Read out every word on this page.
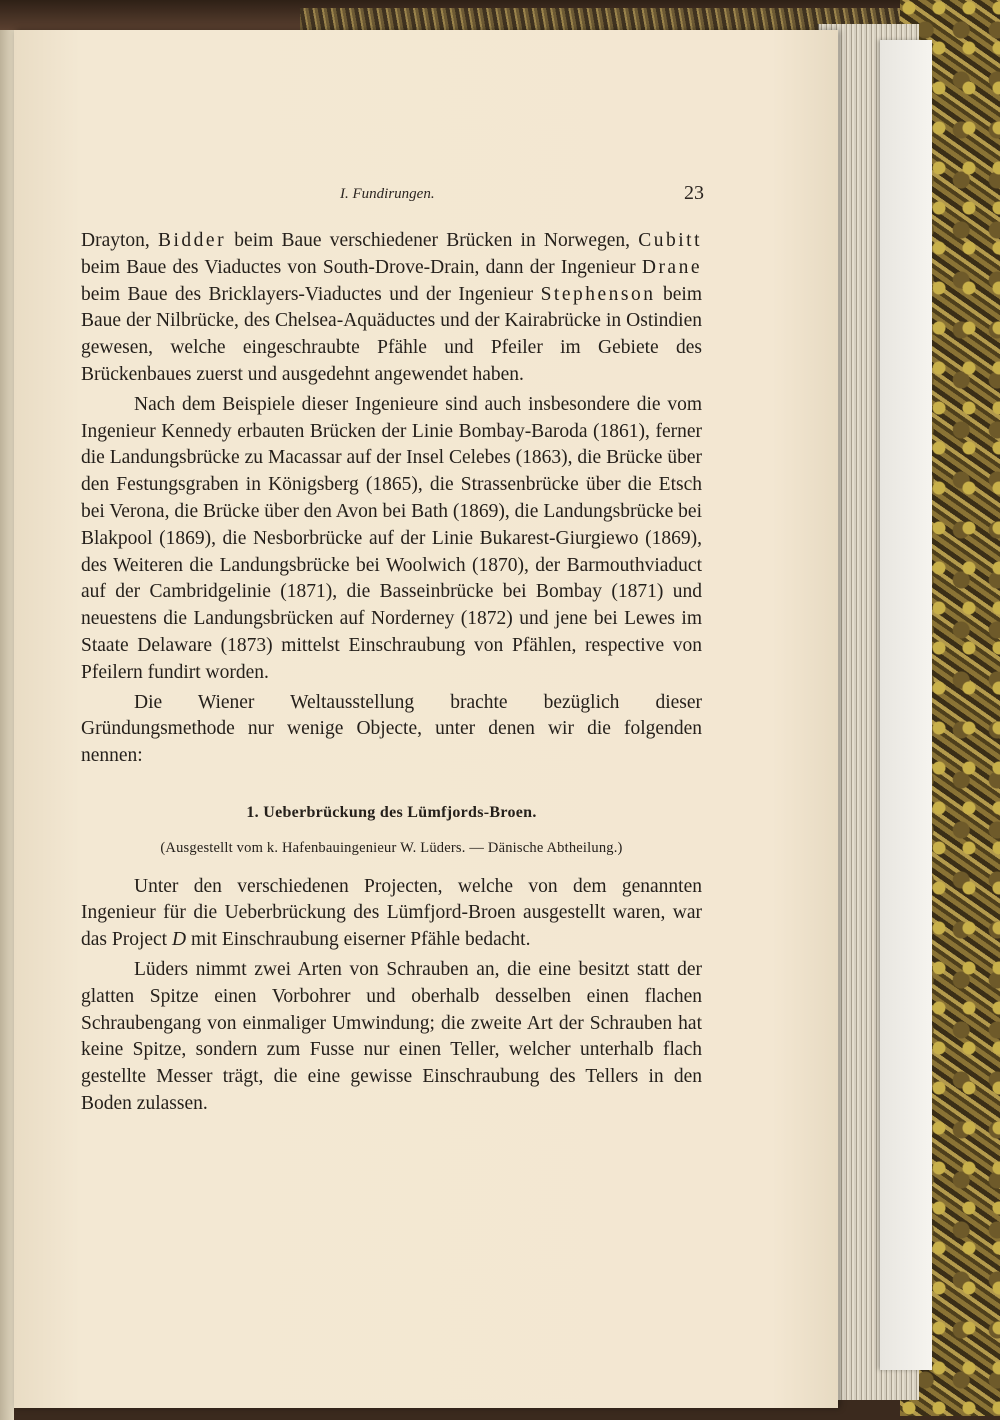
I. Fundirungen.	23

Drayton, Bidder beim Baue verschiedener Brücken in Norwegen, Cubitt beim Baue des Viaductes von South-Drove-Drain, dann der Ingenieur Drane beim Baue des Bricklayers-Viaductes und der Ingenieur Stephenson beim Baue der Nilbrücke, des Chelsea-Aquäductes und der Kairabrücke in Ostindien gewesen, welche eingeschraubte Pfähle und Pfeiler im Gebiete des Brückenbaues zuerst und ausgedehnt angewendet haben.

Nach dem Beispiele dieser Ingenieure sind auch insbesondere die vom Ingenieur Kennedy erbauten Brücken der Linie Bombay-Baroda (1861), ferner die Landungsbrücke zu Macassar auf der Insel Celebes (1863), die Brücke über den Festungsgraben in Königsberg (1865), die Strassenbrücke über die Etsch bei Verona, die Brücke über den Avon bei Bath (1869), die Landungsbrücke bei Blakpool (1869), die Nesborbrücke auf der Linie Bukarest-Giurgiewo (1869), des Weiteren die Landungsbrücke bei Woolwich (1870), der Barmouthviaduct auf der Cambridgelinie (1871), die Basseinbrücke bei Bombay (1871) und neuestens die Landungsbrücken auf Norderney (1872) und jene bei Lewes im Staate Delaware (1873) mittelst Einschraubung von Pfählen, respective von Pfeilern fundirt worden.

Die Wiener Weltausstellung brachte bezüglich dieser Gründungsmethode nur wenige Objecte, unter denen wir die folgenden nennen:

1. Ueberbrückung des Lümfjords-Broen.

(Ausgestellt vom k. Hafenbauingenieur W. Lüders. — Dänische Abtheilung.)

Unter den verschiedenen Projecten, welche von dem genannten Ingenieur für die Ueberbrückung des Lümfjord-Broen ausgestellt waren, war das Project D mit Einschraubung eiserner Pfähle bedacht.

Lüders nimmt zwei Arten von Schrauben an, die eine besitzt statt der glatten Spitze einen Vorbohrer und oberhalb desselben einen flachen Schraubengang von einmaliger Umwindung; die zweite Art der Schrauben hat keine Spitze, sondern zum Fusse nur einen Teller, welcher unterhalb flach gestellte Messer trägt, die eine gewisse Einschraubung des Tellers in den Boden zulassen.
